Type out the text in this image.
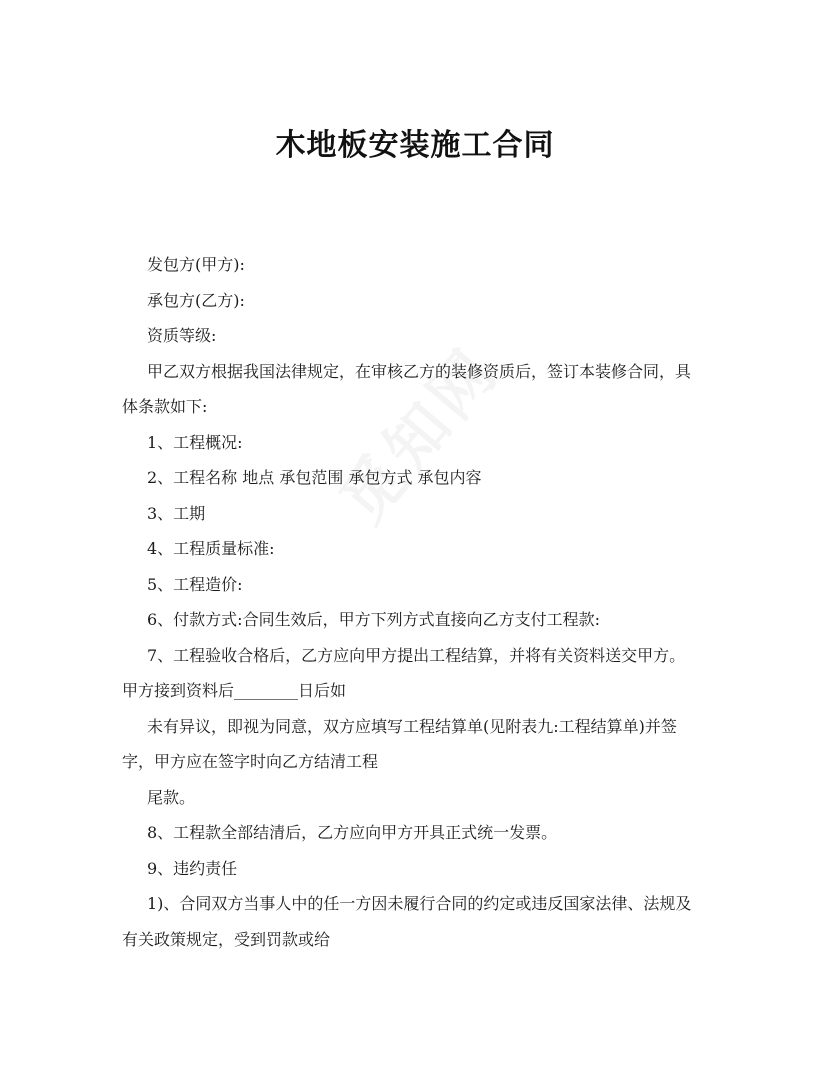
木地板安装施工合同

发包方(甲方):

承包方(乙方):

资质等级:

甲乙双方根据我国法律规定，在审核乙方的装修资质后，签订本装修合同，具

体条款如下:

1、工程概况:

2、工程名称 地点 承包范围 承包方式 承包内容

3、工期

4、工程质量标准:

5、工程造价:

6、付款方式:合同生效后，甲方下列方式直接向乙方支付工程款:

7、工程验收合格后，乙方应向甲方提出工程结算，并将有关资料送交甲方。

甲方接到资料后________日后如

未有异议，即视为同意，双方应填写工程结算单(见附表九:工程结算单)并签

字，甲方应在签字时向乙方结清工程

尾款。

8、工程款全部结清后，乙方应向甲方开具正式统一发票。

9、违约责任

1)、合同双方当事人中的任一方因未履行合同的约定或违反国家法律、法规及

有关政策规定，受到罚款或给
